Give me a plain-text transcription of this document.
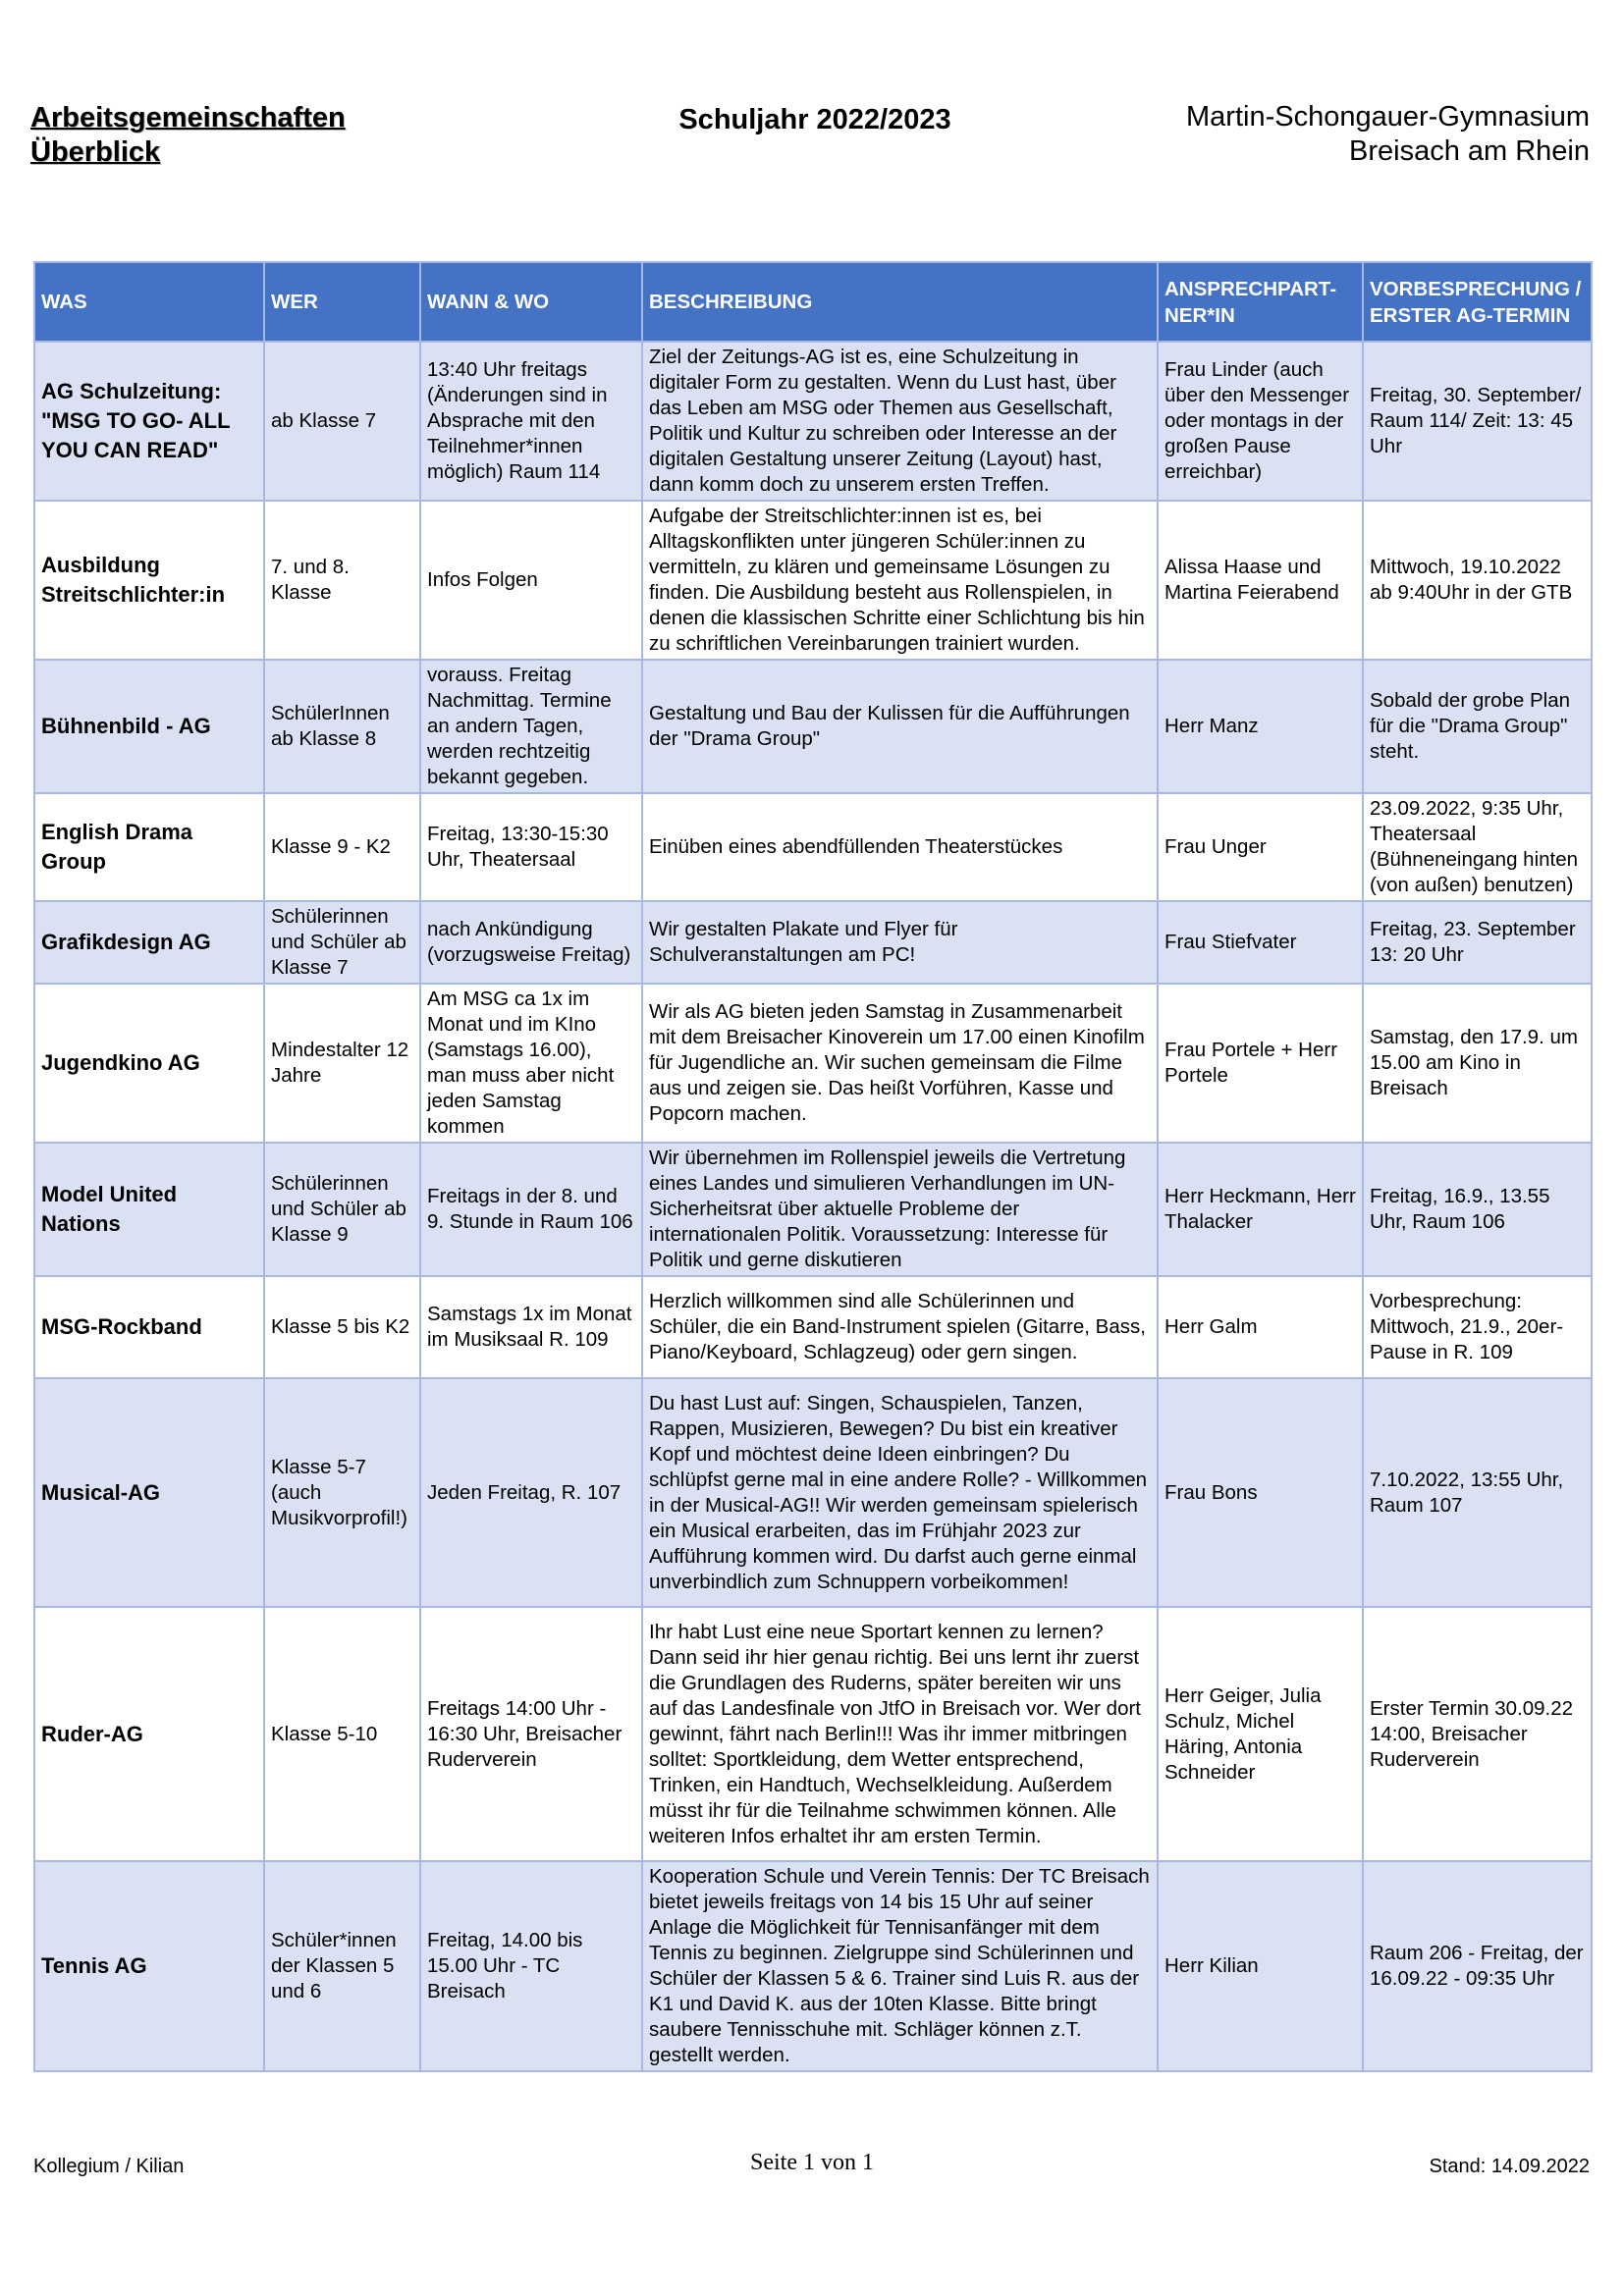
Arbeitsgemeinschaften
Überblick
Schuljahr 2022/2023	Martin-Schongauer-Gymnasium
Breisach am Rhein
WAS	WER	WANN & WO	BESCHREIBUNG	ANSPRECHPART-NER*IN	VORBESPRECHUNG / ERSTER AG-TERMIN
AG Schulzeitung: "MSG TO GO- ALL YOU CAN READ"	ab Klasse 7	13:40 Uhr freitags (Änderungen sind in Absprache mit den Teilnehmer*innen möglich) Raum 114	Ziel der Zeitungs-AG ist es, eine Schulzeitung in digitaler Form zu gestalten. Wenn du Lust hast, über das Leben am MSG oder Themen aus Gesellschaft, Politik und Kultur zu schreiben oder Interesse an der digitalen Gestaltung unserer Zeitung (Layout) hast, dann komm doch zu unserem ersten Treffen.	Frau Linder (auch über den Messenger oder montags in der großen Pause erreichbar)	Freitag, 30. September/ Raum 114/ Zeit: 13: 45 Uhr
Ausbildung Streitschlichter:in	7. und 8. Klasse	Infos Folgen	Aufgabe der Streitschlichter:innen ist es, bei Alltagskonflikten unter jüngeren Schüler:innen zu vermitteln, zu klären und gemeinsame Lösungen zu finden. Die Ausbildung besteht aus Rollenspielen, in denen die klassischen Schritte einer Schlichtung bis hin zu schriftlichen Vereinbarungen trainiert wurden.	Alissa Haase und Martina Feierabend	Mittwoch, 19.10.2022 ab 9:40Uhr in der GTB
Bühnenbild - AG	SchülerInnen ab Klasse 8	vorauss. Freitag Nachmittag. Termine an andern Tagen, werden rechtzeitig bekannt gegeben.	Gestaltung und Bau der Kulissen für die Aufführungen der "Drama Group"	Herr Manz	Sobald der grobe Plan für die "Drama Group" steht.
English Drama Group	Klasse 9 - K2	Freitag, 13:30-15:30 Uhr, Theatersaal	Einüben eines abendfüllenden Theaterstückes	Frau Unger	23.09.2022, 9:35 Uhr, Theatersaal (Bühneneingang hinten (von außen) benutzen)
Grafikdesign AG	Schülerinnen und Schüler ab Klasse 7	nach Ankündigung (vorzugsweise Freitag)	Wir gestalten Plakate und Flyer für Schulveranstaltungen am PC!	Frau Stiefvater	Freitag, 23. September 13: 20 Uhr
Jugendkino AG	Mindestalter 12 Jahre	Am MSG ca 1x im Monat und im KIno (Samstags 16.00), man muss aber nicht jeden Samstag kommen	Wir als AG bieten jeden Samstag in Zusammenarbeit mit dem Breisacher Kinoverein um 17.00 einen Kinofilm für Jugendliche an. Wir suchen gemeinsam die Filme aus und zeigen sie. Das heißt Vorführen, Kasse und Popcorn machen.	Frau Portele + Herr Portele	Samstag, den 17.9. um 15.00 am Kino in Breisach
Model United Nations	Schülerinnen und Schüler ab Klasse 9	Freitags in der 8. und 9. Stunde in Raum 106	Wir übernehmen im Rollenspiel jeweils die Vertretung eines Landes und simulieren Verhandlungen im UN-Sicherheitsrat über aktuelle Probleme der internationalen Politik. Voraussetzung: Interesse für Politik und gerne diskutieren	Herr Heckmann, Herr Thalacker	Freitag, 16.9., 13.55 Uhr, Raum 106
MSG-Rockband	Klasse 5 bis K2	Samstags 1x im Monat im Musiksaal R. 109	Herzlich willkommen sind alle Schülerinnen und Schüler, die ein Band-Instrument spielen (Gitarre, Bass, Piano/Keyboard, Schlagzeug) oder gern singen.	Herr Galm	Vorbesprechung: Mittwoch, 21.9., 20er-Pause in R. 109
Musical-AG	Klasse 5-7 (auch Musikvorprofil!)	Jeden Freitag, R. 107	Du hast Lust auf: Singen, Schauspielen, Tanzen, Rappen, Musizieren, Bewegen? Du bist ein kreativer Kopf und möchtest deine Ideen einbringen? Du schlüpfst gerne mal in eine andere Rolle? - Willkommen in der Musical-AG!! Wir werden gemeinsam spielerisch ein Musical erarbeiten, das im Frühjahr 2023 zur Aufführung kommen wird. Du darfst auch gerne einmal unverbindlich zum Schnuppern vorbeikommen!	Frau Bons	7.10.2022, 13:55 Uhr, Raum 107
Ruder-AG	Klasse 5-10	Freitags 14:00 Uhr - 16:30 Uhr, Breisacher Ruderverein	Ihr habt Lust eine neue Sportart kennen zu lernen? Dann seid ihr hier genau richtig. Bei uns lernt ihr zuerst die Grundlagen des Ruderns, später bereiten wir uns auf das Landesfinale von JtfO in Breisach vor. Wer dort gewinnt, fährt nach Berlin!!! Was ihr immer mitbringen solltet: Sportkleidung, dem Wetter entsprechend, Trinken, ein Handtuch, Wechselkleidung. Außerdem müsst ihr für die Teilnahme schwimmen können. Alle weiteren Infos erhaltet ihr am ersten Termin.	Herr Geiger, Julia Schulz, Michel Häring, Antonia Schneider	Erster Termin 30.09.22 14:00, Breisacher Ruderverein
Tennis AG	Schüler*innen der Klassen 5 und 6	Freitag, 14.00 bis 15.00 Uhr - TC Breisach	Kooperation Schule und Verein Tennis: Der TC Breisach bietet jeweils freitags von 14 bis 15 Uhr auf seiner Anlage die Möglichkeit für Tennisanfänger mit dem Tennis zu beginnen. Zielgruppe sind Schülerinnen und Schüler der Klassen 5 & 6. Trainer sind Luis R. aus der K1 und David K. aus der 10ten Klasse. Bitte bringt saubere Tennisschuhe mit. Schläger können z.T. gestellt werden.	Herr Kilian	Raum 206 - Freitag, der 16.09.22 - 09:35 Uhr
Kollegium / Kilian	Seite 1 von 1	Stand: 14.09.2022
